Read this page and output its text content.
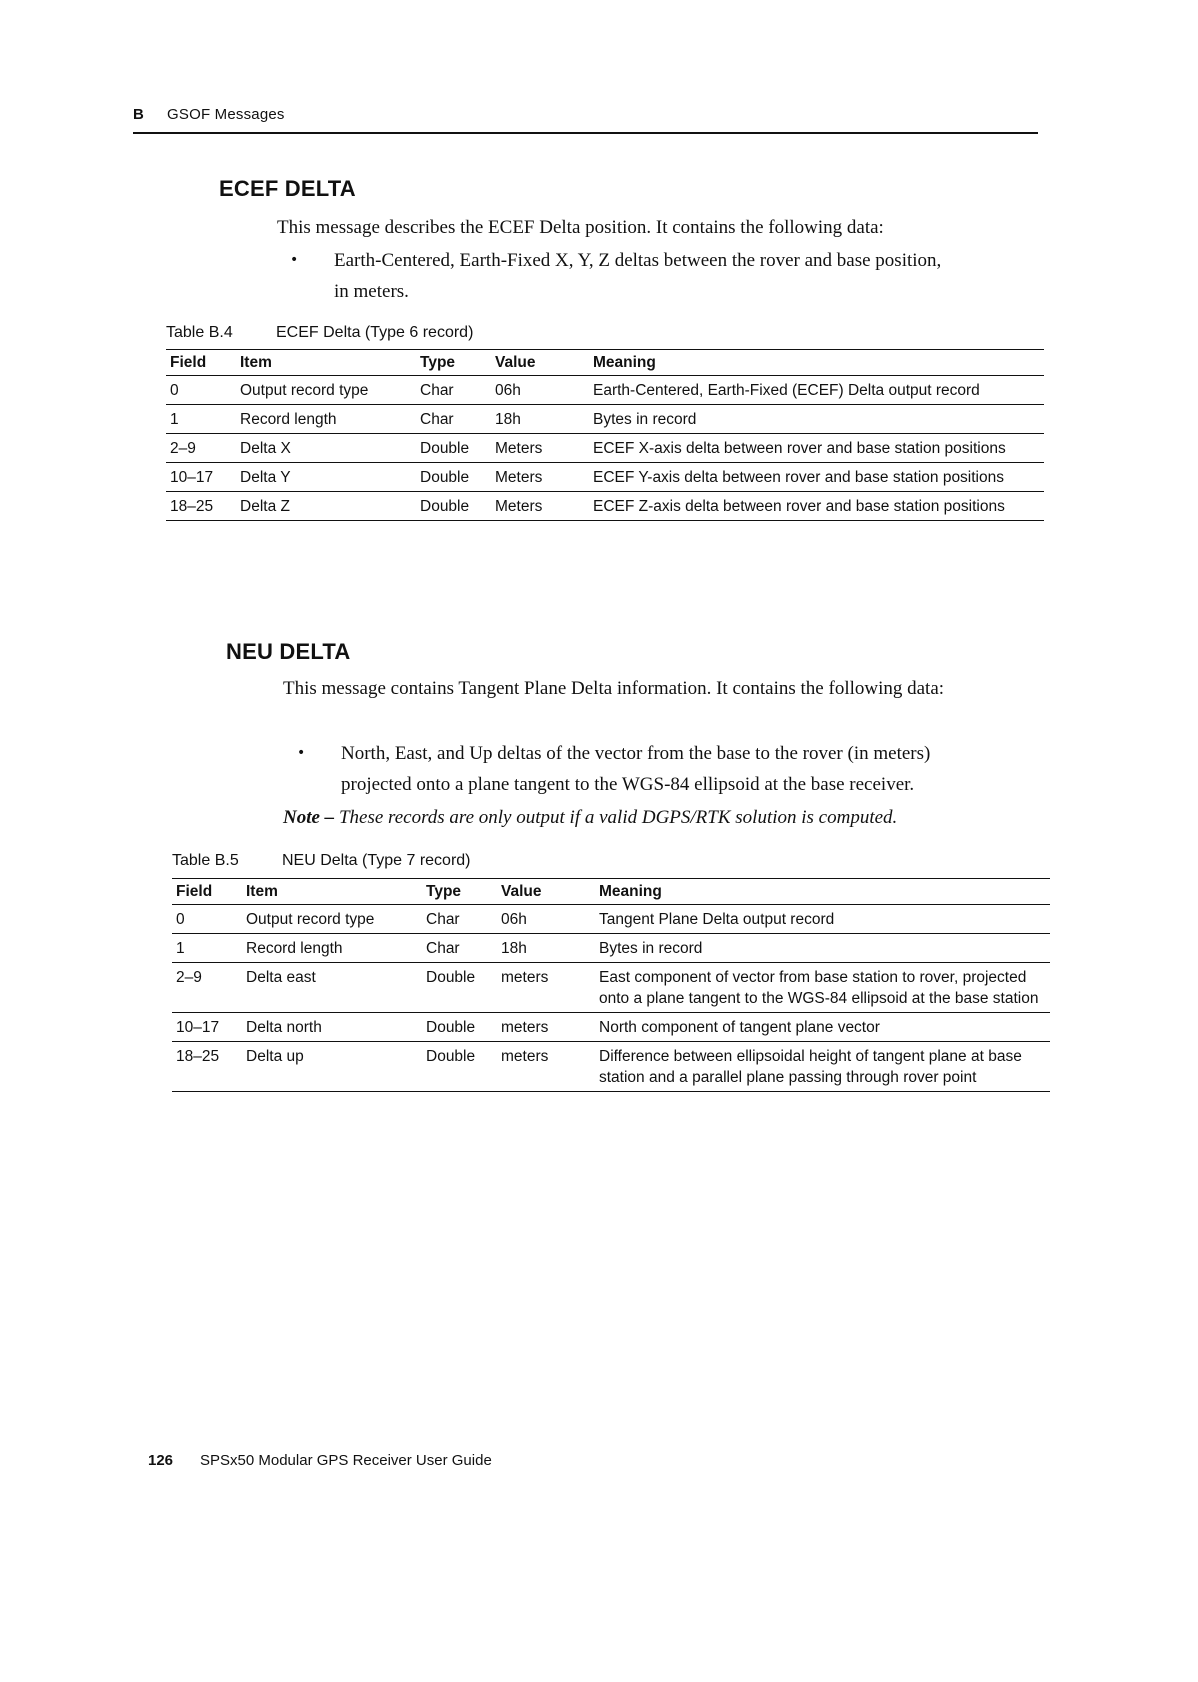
B GSOF Messages
ECEF DELTA

This message describes the ECEF Delta position. It contains the following data:

• Earth-Centered, Earth-Fixed X, Y, Z deltas between the rover and base position,
in meters.
Table B.4	ECEF Delta (Type 6 record)
Field	Item	Type	Value	Meaning
0	Output record type	Char	06h	Earth-Centered, Earth-Fixed (ECEF) Delta output record
1	Record length	Char	18h	Bytes in record
2–9	Delta X	Double	Meters	ECEF X-axis delta between rover and base station positions
10–17	Delta Y	Double	Meters	ECEF Y-axis delta between rover and base station positions
18–25	Delta Z	Double	Meters	ECEF Z-axis delta between rover and base station positions
NEU DELTA

This message contains Tangent Plane Delta information. It contains the following data:

• North, East, and Up deltas of the vector from the base to the rover (in meters)
projected onto a plane tangent to the WGS-84 ellipsoid at the base receiver.

Note – These records are only output if a valid DGPS/RTK solution is computed.

Table B.5	NEU Delta (Type 7 record)
Field	Item	Type	Value	Meaning
0	Output record type	Char	06h	Tangent Plane Delta output record
1	Record length	Char	18h	Bytes in record
2–9	Delta east	Double	meters	East component of vector from base station to rover, projected onto a plane tangent to the WGS-84 ellipsoid at the base station
10–17	Delta north	Double	meters	North component of tangent plane vector
18–25	Delta up	Double	meters	Difference between ellipsoidal height of tangent plane at base station and a parallel plane passing through rover point
126 SPSx50 Modular GPS Receiver User Guide
